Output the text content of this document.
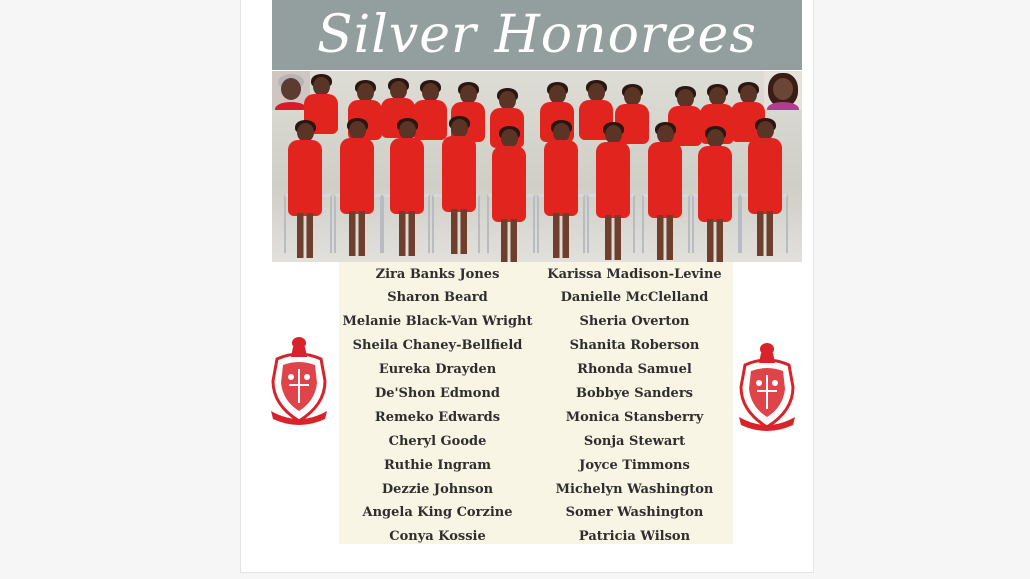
Silver Honorees
Zira Banks Jones
Sharon Beard
Melanie Black-Van Wright
Sheila Chaney-Bellfield
Eureka Drayden
De'Shon Edmond
Remeko Edwards
Cheryl Goode
Ruthie Ingram
Dezzie Johnson
Angela King Corzine
Conya Kossie
Karissa Madison-Levine
Danielle McClelland
Sheria Overton
Shanita Roberson
Rhonda Samuel
Bobbye Sanders
Monica Stansberry
Sonja Stewart
Joyce Timmons
Michelyn Washington
Somer Washington
Patricia Wilson
